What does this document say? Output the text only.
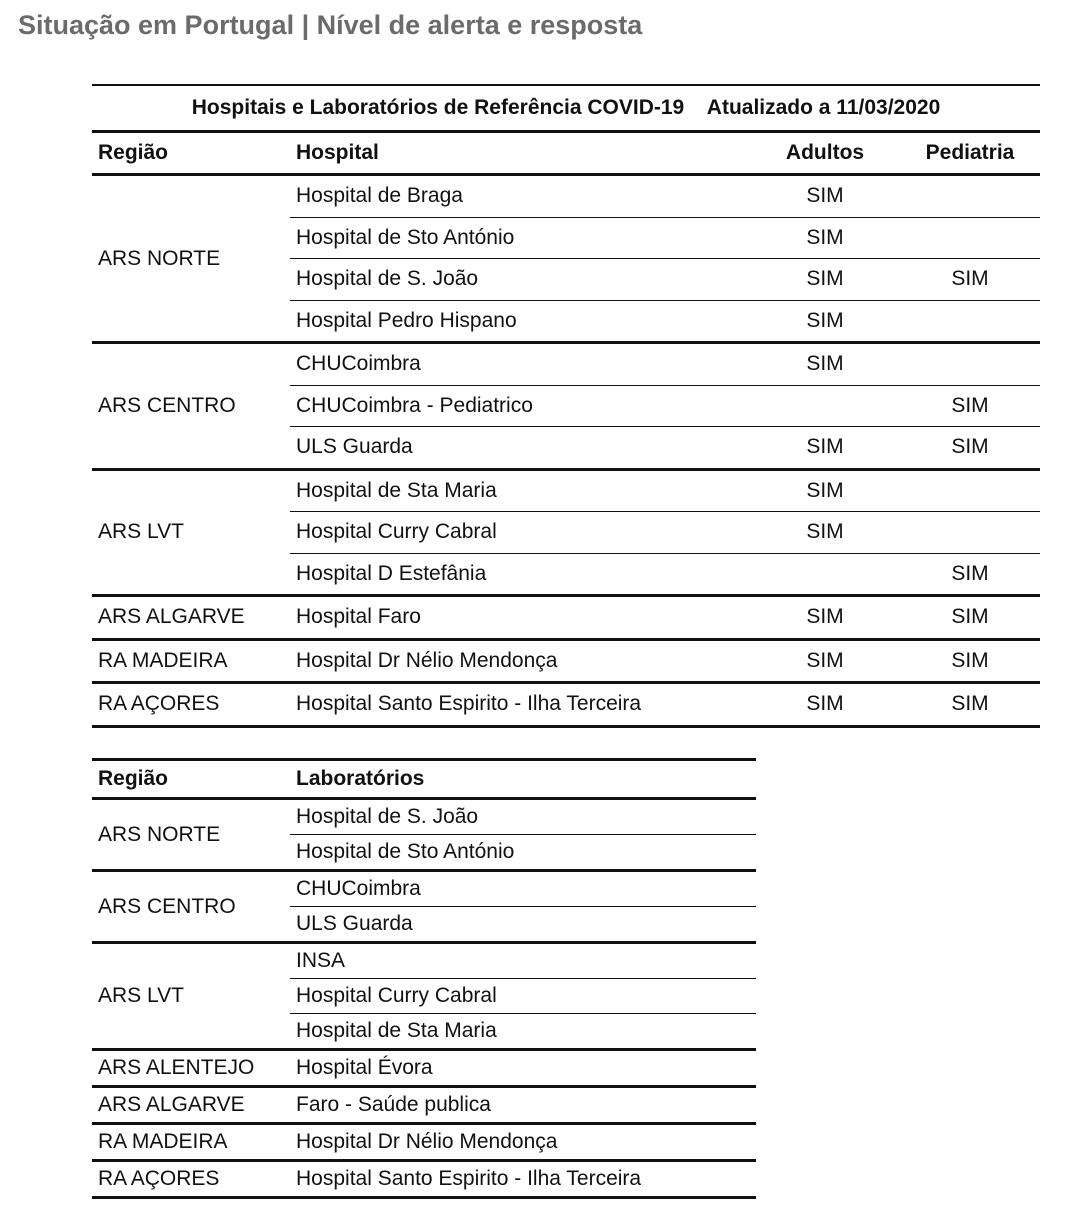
Situação em Portugal | Nível de alerta e resposta
Hospitais e Laboratórios de Referência COVID-19    Atualizado a 11/03/2020			
Região	Hospital	Adultos	Pediatria
ARS NORTE	Hospital de Braga	SIM	
	Hospital de Sto António	SIM	
	Hospital de S. João	SIM	SIM
	Hospital Pedro Hispano	SIM	
ARS CENTRO	CHUCoimbra	SIM	
	CHUCoimbra - Pediatrico		SIM
	ULS Guarda	SIM	SIM
ARS LVT	Hospital de Sta Maria	SIM	
	Hospital Curry Cabral	SIM	
	Hospital D Estefânia		SIM
ARS ALGARVE	Hospital Faro	SIM	SIM
RA MADEIRA	Hospital Dr Nélio Mendonça	SIM	SIM
RA AÇORES	Hospital Santo Espirito - Ilha Terceira	SIM	SIM
Região	Laboratórios
ARS NORTE	Hospital de S. João
	Hospital de Sto António
ARS CENTRO	CHUCoimbra
	ULS Guarda
ARS LVT	INSA
	Hospital Curry Cabral
	Hospital de Sta Maria
ARS ALENTEJO	Hospital Évora
ARS ALGARVE	Faro - Saúde publica
RA MADEIRA	Hospital Dr Nélio Mendonça
RA AÇORES	Hospital Santo Espirito - Ilha Terceira
